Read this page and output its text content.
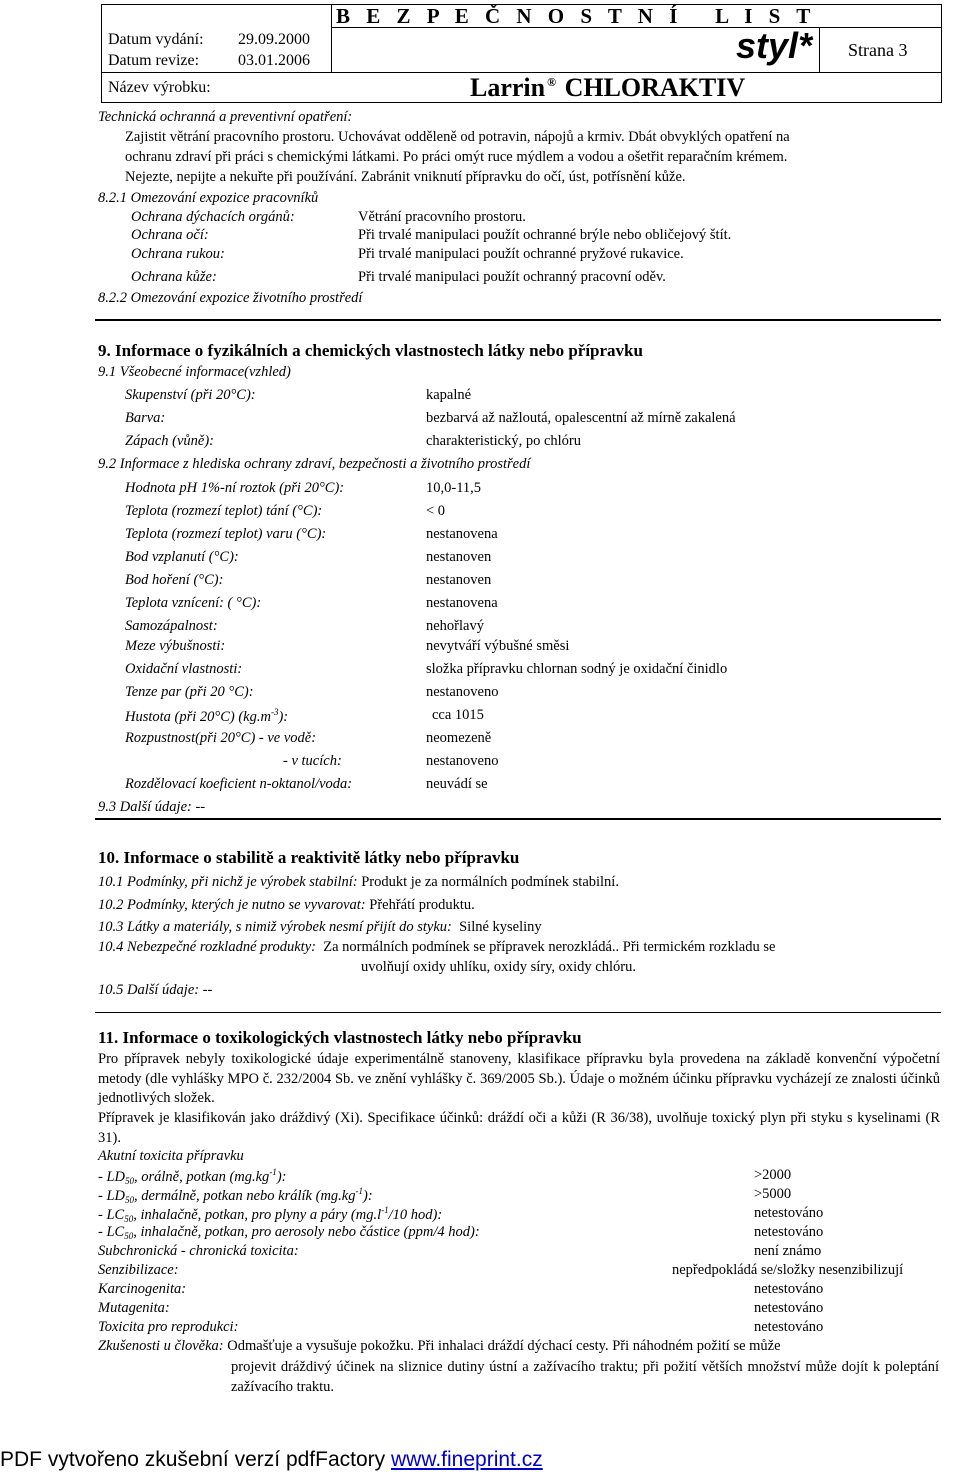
Datum vydání: 29.09.2000
Datum revize: 03.01.2006
Název výrobku:
B E Z P E Č N O S T N Í   L I S T
styl* Strana 3
Larrin ® CHLORAKTIV
Technická ochranná a preventivní opatření:
Zajistit větrání pracovního prostoru. Uchovávat odděleně od potravin, nápojů a krmiv. Dbát obvyklých opatření na
ochranu zdraví při práci s chemickými látkami. Po práci omýt ruce mýdlem a vodou a ošetřit reparačním krémem.
Nejezte, nepijte a nekuřte při používání. Zabránit vniknutí přípravku do očí, úst, potřísnění kůže.
8.2.1 Omezování expozice pracovníků
Ochrana dýchacích orgánů:	Větrání pracovního prostoru.
Ochrana očí:	Při trvalé manipulaci použít ochranné brýle nebo obličejový štít.
Ochrana rukou:	Při trvalé manipulaci použít ochranné pryžové rukavice.
Ochrana kůže:	Při trvalé manipulaci použít ochranný pracovní oděv.
8.2.2 Omezování expozice životního prostředí
9. Informace o fyzikálních a chemických vlastnostech látky nebo přípravku
9.1 Všeobecné informace(vzhled)
Skupenství (při 20°C):	kapalné
Barva:	bezbarvá až nažloutá, opalescentní až mírně zakalená
Zápach (vůně):	charakteristický, po chlóru
9.2 Informace z hlediska ochrany zdraví, bezpečnosti a životního prostředí
Hodnota pH 1%-ní roztok (při 20°C):	10,0-11,5
Teplota (rozmezí teplot) tání (°C):	< 0
Teplota (rozmezí teplot) varu (°C):	nestanovena
Bod vzplanutí (°C):	nestanoven
Bod hoření (°C):	nestanoven
Teplota vznícení: ( °C):	nestanovena
Samozápalnost:	nehořlavý
Meze výbušnosti:	nevytváří výbušné směsi
Oxidační vlastnosti:	složka přípravku chlornan sodný je oxidační činidlo
Tenze par (při 20 °C):	nestanoveno
Hustota (při 20°C) $(kg.m^{-3})$:	cca 1015
Rozpustnost(při 20°C) - ve vodě:	neomezeně
- v tucích:	nestanoveno
Rozdělovací koeficient n-oktanol/voda:	neuvádí se
9.3 Další údaje: --
10. Informace o stabilitě a reaktivitě látky nebo přípravku
10.1 Podmínky, při nichž je výrobek stabilní: Produkt je za normálních podmínek stabilní.
10.2 Podmínky, kterých je nutno se vyvarovat: Přehřátí produktu.
10.3 Látky a materiály, s nimiž výrobek nesmí přijít do styku:  Silné kyseliny
10.4 Nebezpečné rozkladné produkty:  Za normálních podmínek se přípravek nerozkládá.. Při termickém rozkladu se
uvolňují oxidy uhlíku, oxidy síry, oxidy chlóru.
10.5 Další údaje: --
11. Informace o toxikologických vlastnostech látky nebo přípravku
Pro přípravek nebyly toxikologické údaje experimentálně stanoveny, klasifikace přípravku byla provedena na základě konvenční výpočetní metody (dle vyhlášky MPO č. 232/2004 Sb. ve znění vyhlášky č. 369/2005 Sb.). Údaje o možném účinku přípravku vycházejí ze znalosti účinků jednotlivých složek.
Přípravek je klasifikován jako dráždivý (Xi). Specifikace účinků: dráždí oči a kůži (R 36/38), uvolňuje toxický plyn při styku s kyselinami (R 31).
Akutní toxicita přípravku
- $LD_{50}$, orálně, potkan $(mg.kg^{-1})$:	>2000
- $LD_{50}$, dermálně, potkan nebo králík $(mg.kg^{-1})$:	>5000
- $LC_{50}$, inhalačně, potkan, pro plyny a páry ($mg.l^{-1}/10$ hod):	netestováno
- $LC_{50}$, inhalačně, potkan, pro aerosoly nebo částice (ppm/4 hod):	netestováno
Subchronická - chronická toxicita:	není známo
Senzibilizace:	nepředpokládá se/složky nesenzibilizují
Karcinogenita:	netestováno
Mutagenita:	netestováno
Toxicita pro reprodukci:	netestováno
Zkušenosti u člověka: Odmašťuje a vysušuje pokožku. Při inhalaci dráždí dýchací cesty. Při náhodném požití se může
projevit dráždivý účinek na sliznice dutiny ústní a zažívacího traktu; při požití větších množství může dojít k poleptání zažívacího traktu.
PDF vytvořeno zkušební verzí pdfFactory www.fineprint.cz
